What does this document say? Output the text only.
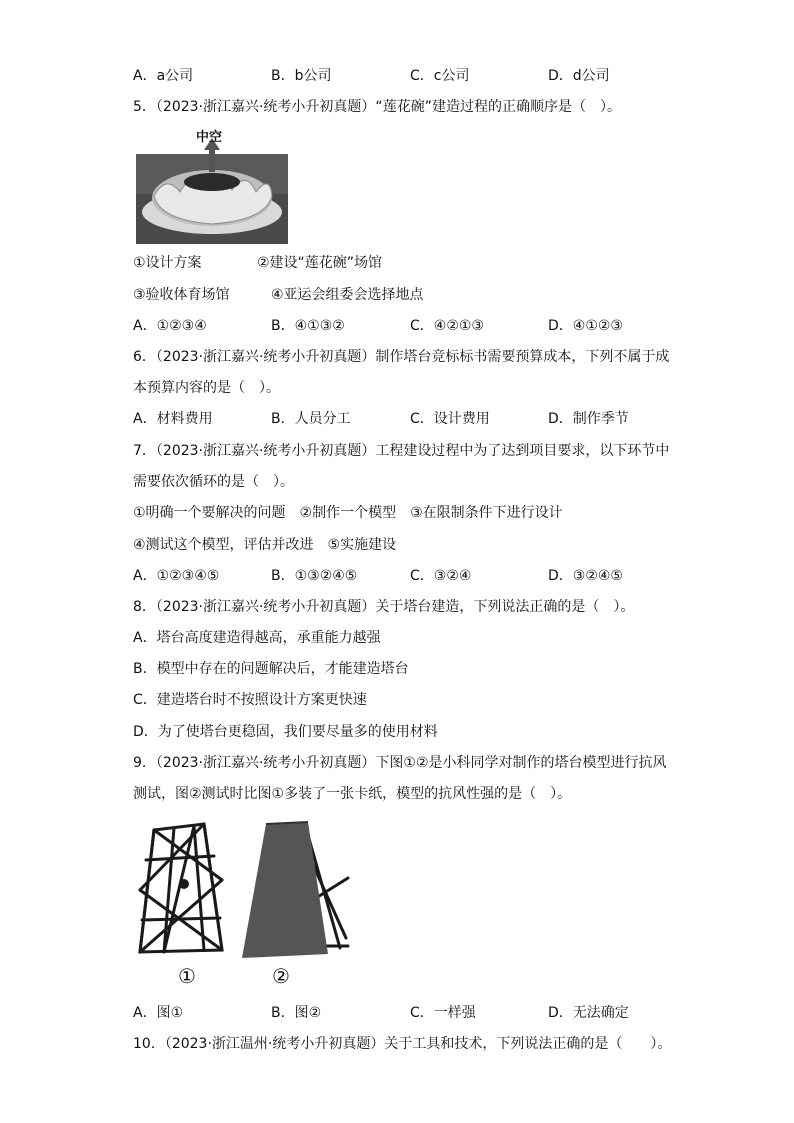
A．a公司	B．b公司	C．c公司	D．d公司
5．（2023·浙江嘉兴·统考小升初真题）“莲花碗”建造过程的正确顺序是（　）。
中空
①设计方案	②建设“莲花碗”场馆
③验收体育场馆	④亚运会组委会选择地点
A．①②③④	B．④①③②	C．④②①③	D．④①②③
6．（2023·浙江嘉兴·统考小升初真题）制作塔台竞标标书需要预算成本，下列不属于成
本预算内容的是（　）。
A．材料费用	B．人员分工	C．设计费用	D．制作季节
7．（2023·浙江嘉兴·统考小升初真题）工程建设过程中为了达到项目要求，以下环节中
需要依次循环的是（　）。
①明确一个要解决的问题　②制作一个模型　③在限制条件下进行设计
④测试这个模型，评估并改进　⑤实施建设
A．①②③④⑤	B．①③②④⑤	C．③②④	D．③②④⑤
8．（2023·浙江嘉兴·统考小升初真题）关于塔台建造，下列说法正确的是（　）。
A．塔台高度建造得越高，承重能力越强
B．模型中存在的问题解决后，才能建造塔台
C．建造塔台时不按照设计方案更快速
D．为了使塔台更稳固，我们要尽量多的使用材料
9．（2023·浙江嘉兴·统考小升初真题）下图①②是小科同学对制作的塔台模型进行抗风
测试，图②测试时比图①多装了一张卡纸，模型的抗风性强的是（　）。
①	②
A．图①	B．图②	C．一样强	D．无法确定
10．（2023·浙江温州·统考小升初真题）关于工具和技术，下列说法正确的是（　　）。
